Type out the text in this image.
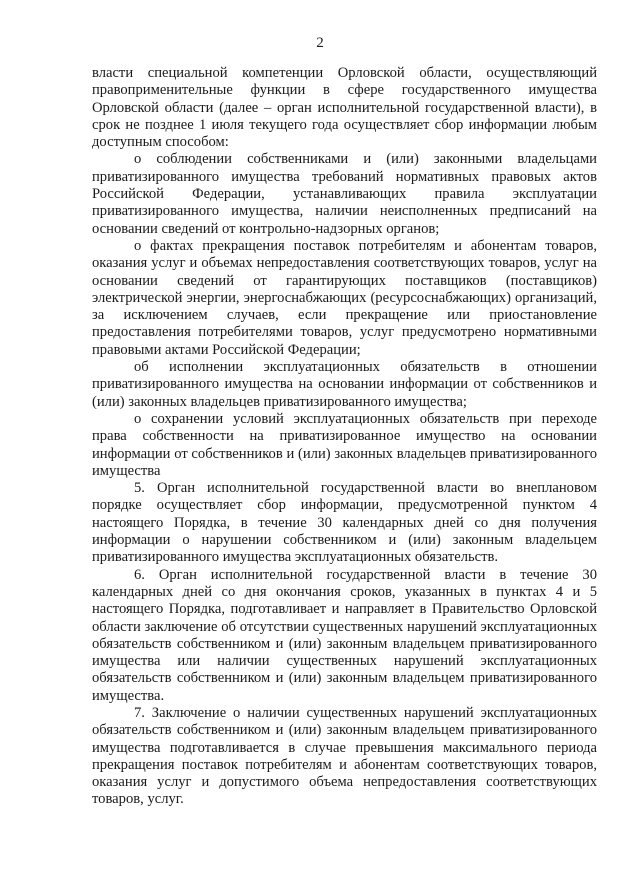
2

власти специальной компетенции Орловской области, осуществляющий правоприменительные функции в сфере государственного имущества Орловской области (далее – орган исполнительной государственной власти), в срок не позднее 1 июля текущего года осуществляет сбор информации любым доступным способом:

о соблюдении собственниками и (или) законными владельцами приватизированного имущества требований нормативных правовых актов Российской Федерации, устанавливающих правила эксплуатации приватизированного имущества, наличии неисполненных предписаний на основании сведений от контрольно-надзорных органов;

о фактах прекращения поставок потребителям и абонентам товаров, оказания услуг и объемах непредоставления соответствующих товаров, услуг на основании сведений от гарантирующих поставщиков (поставщиков) электрической энергии, энергоснабжающих (ресурсоснабжающих) организаций, за исключением случаев, если прекращение или приостановление предоставления потребителями товаров, услуг предусмотрено нормативными правовыми актами Российской Федерации;

об исполнении эксплуатационных обязательств в отношении приватизированного имущества на основании информации от собственников и (или) законных владельцев приватизированного имущества;

о сохранении условий эксплуатационных обязательств при переходе права собственности на приватизированное имущество на основании информации от собственников и (или) законных владельцев приватизированного имущества

5. Орган исполнительной государственной власти во внеплановом порядке осуществляет сбор информации, предусмотренной пунктом 4 настоящего Порядка, в течение 30 календарных дней со дня получения информации о нарушении собственником и (или) законным владельцем приватизированного имущества эксплуатационных обязательств.

6. Орган исполнительной государственной власти в течение 30 календарных дней со дня окончания сроков, указанных в пунктах 4 и 5 настоящего Порядка, подготавливает и направляет в Правительство Орловской области заключение об отсутствии существенных нарушений эксплуатационных обязательств собственником и (или) законным владельцем приватизированного имущества или наличии существенных нарушений эксплуатационных обязательств собственником и (или) законным владельцем приватизированного имущества.

7. Заключение о наличии существенных нарушений эксплуатационных обязательств собственником и (или) законным владельцем приватизированного имущества подготавливается в случае превышения максимального периода прекращения поставок потребителям и абонентам соответствующих товаров, оказания услуг и допустимого объема непредоставления соответствующих товаров, услуг.
